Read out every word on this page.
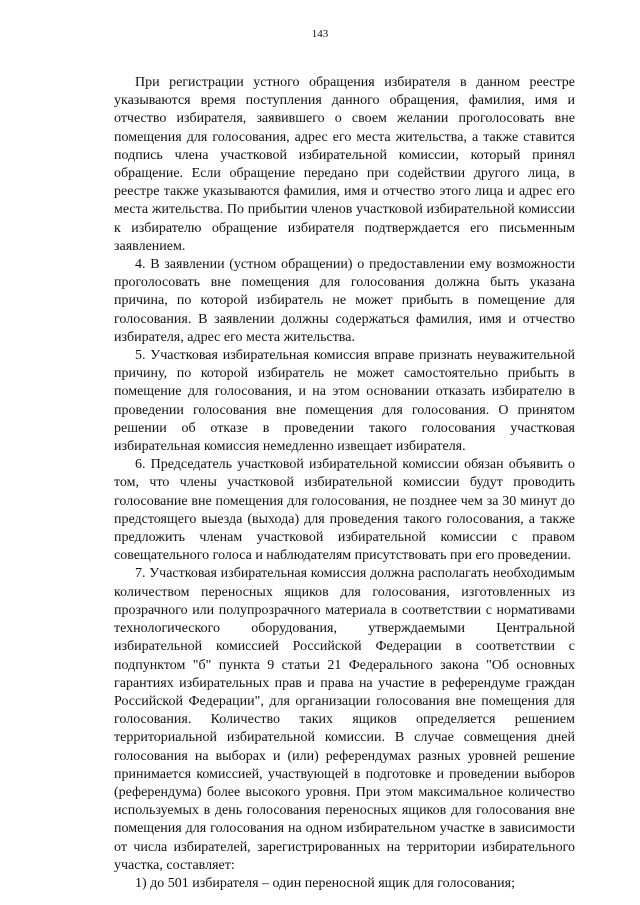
143

При регистрации устного обращения избирателя в данном реестре указываются время поступления данного обращения, фамилия, имя и отчество избирателя, заявившего о своем желании проголосовать вне помещения для голосования, адрес его места жительства, а также ставится подпись члена участковой избирательной комиссии, который принял обращение. Если обращение передано при содействии другого лица, в реестре также указываются фамилия, имя и отчество этого лица и адрес его места жительства. По прибытии членов участковой избирательной комиссии к избирателю обращение избирателя подтверждается его письменным заявлением.

4. В заявлении (устном обращении) о предоставлении ему возможности проголосовать вне помещения для голосования должна быть указана причина, по которой избиратель не может прибыть в помещение для голосования. В заявлении должны содержаться фамилия, имя и отчество избирателя, адрес его места жительства.

5. Участковая избирательная комиссия вправе признать неуважительной причину, по которой избиратель не может самостоятельно прибыть в помещение для голосования, и на этом основании отказать избирателю в проведении голосования вне помещения для голосования. О принятом решении об отказе в проведении такого голосования участковая избирательная комиссия немедленно извещает избирателя.

6. Председатель участковой избирательной комиссии обязан объявить о том, что члены участковой избирательной комиссии будут проводить голосование вне помещения для голосования, не позднее чем за 30 минут до предстоящего выезда (выхода) для проведения такого голосования, а также предложить членам участковой избирательной комиссии с правом совещательного голоса и наблюдателям присутствовать при его проведении.

7. Участковая избирательная комиссия должна располагать необходимым количеством переносных ящиков для голосования, изготовленных из прозрачного или полупрозрачного материала в соответствии с нормативами технологического оборудования, утверждаемыми Центральной избирательной комиссией Российской Федерации в соответствии с подпунктом "б" пункта 9 статьи 21 Федерального закона "Об основных гарантиях избирательных прав и права на участие в референдуме граждан Российской Федерации", для организации голосования вне помещения для голосования. Количество таких ящиков определяется решением территориальной избирательной комиссии. В случае совмещения дней голосования на выборах и (или) референдумах разных уровней решение принимается комиссией, участвующей в подготовке и проведении выборов (референдума) более высокого уровня. При этом максимальное количество используемых в день голосования переносных ящиков для голосования вне помещения для голосования на одном избирательном участке в зависимости от числа избирателей, зарегистрированных на территории избирательного участка, составляет:

1) до 501 избирателя – один переносной ящик для голосования;
